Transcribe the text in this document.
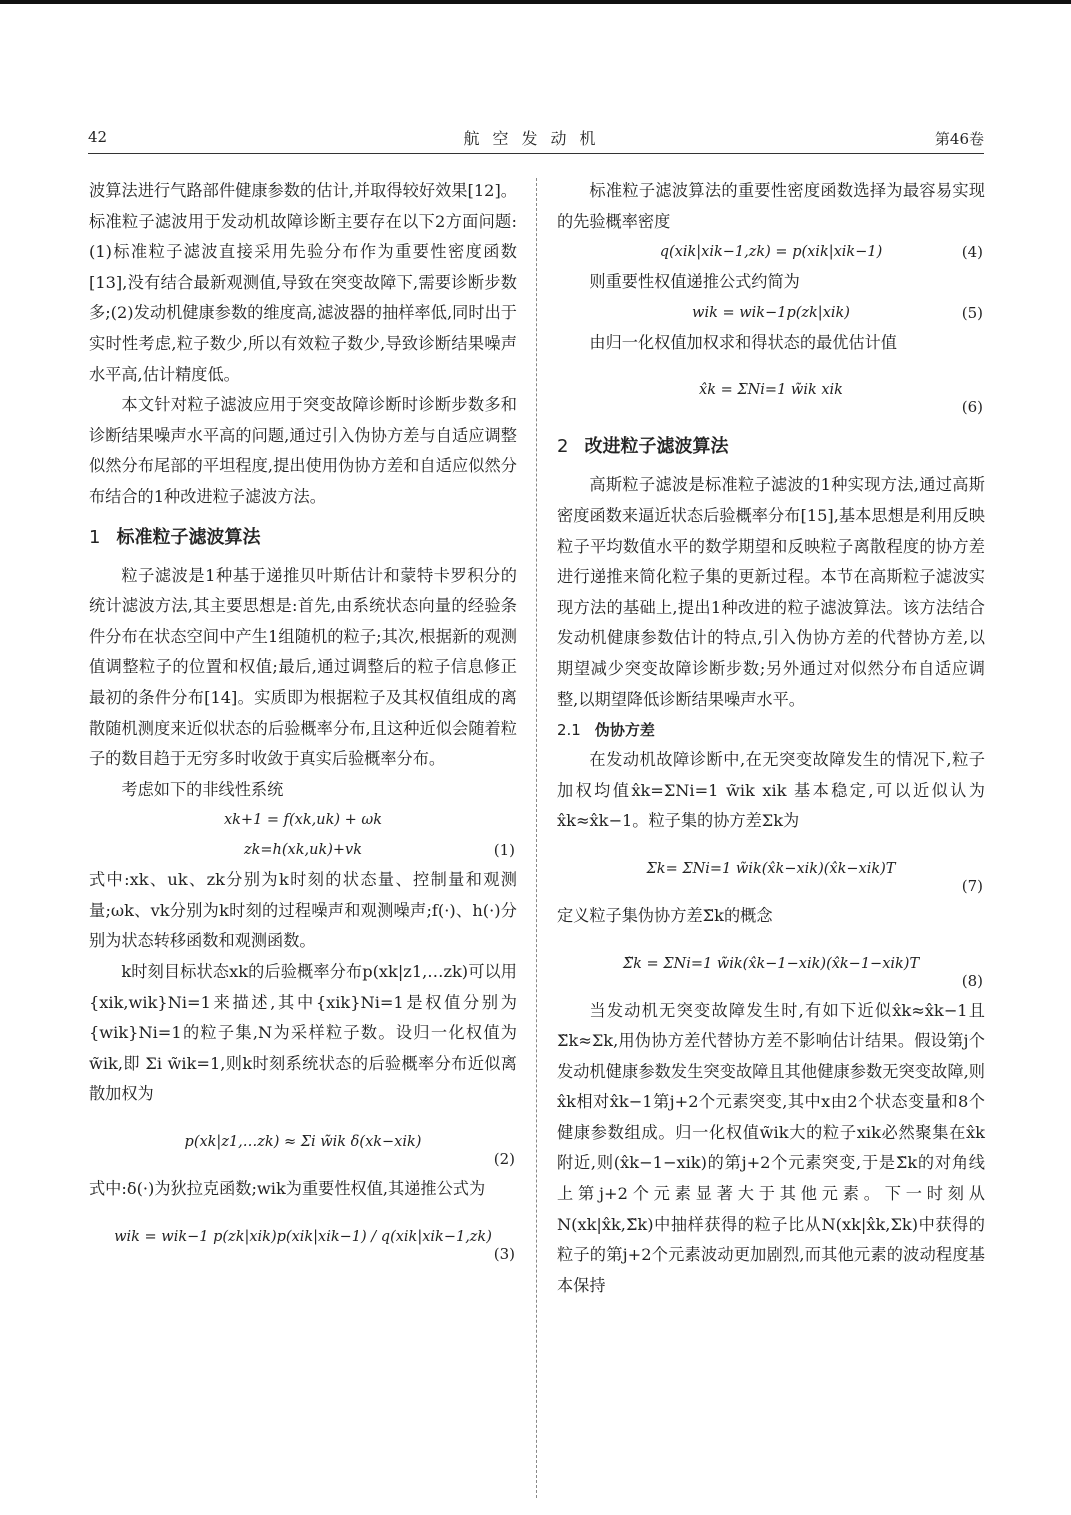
42	航空发动机	第46卷

波算法进行气路部件健康参数的估计,并取得较好效果[12]。标准粒子滤波用于发动机故障诊断主要存在以下2方面问题:(1)标准粒子滤波直接采用先验分布作为重要性密度函数[13],没有结合最新观测值,导致在突变故障下,需要诊断步数多;(2)发动机健康参数的维度高,滤波器的抽样率低,同时出于实时性考虑,粒子数少,所以有效粒子数少,导致诊断结果噪声水平高,估计精度低。

本文针对粒子滤波应用于突变故障诊断时诊断步数多和诊断结果噪声水平高的问题,通过引入伪协方差与自适应调整似然分布尾部的平坦程度,提出使用伪协方差和自适应似然分布结合的1种改进粒子滤波方法。

1 标准粒子滤波算法

粒子滤波是1种基于递推贝叶斯估计和蒙特卡罗积分的统计滤波方法,其主要思想是:首先,由系统状态向量的经验条件分布在状态空间中产生1组随机的粒子;其次,根据新的观测值调整粒子的位置和权值;最后,通过调整后的粒子信息修正最初的条件分布[14]。实质即为根据粒子及其权值组成的离散随机测度来近似状态的后验概率分布,且这种近似会随着粒子的数目趋于无穷多时收敛于真实后验概率分布。

考虑如下的非线性系统

xk+1 = f(xk,uk) + ωk
zk=h(xk,uk)+vk	(1)

式中:xk、uk、zk分别为k时刻的状态量、控制量和观测量;ωk、vk分别为k时刻的过程噪声和观测噪声;f(·)、h(·)分别为状态转移函数和观测函数。

k时刻目标状态xk的后验概率分布p(xk|z1,…zk)可以用{xik,wik}Ni=1来描述,其中{xik}Ni=1是权值分别为{wik}Ni=1的粒子集,N为采样粒子数。设归一化权值为w̃ik,即 Σi w̃ik=1,则k时刻系统状态的后验概率分布近似离散加权为

p(xk|z1,…zk) ≈ Σi w̃ik δ(xk−xik)
(2)

式中:δ(·)为狄拉克函数;wik为重要性权值,其递推公式为

wik = wik−1 p(zk|xik)p(xik|xik−1) / q(xik|xik−1,zk)
(3)

标准粒子滤波算法的重要性密度函数选择为最容易实现的先验概率密度

q(xik|xik−1,zk) = p(xik|xik−1)	(4)

则重要性权值递推公式约简为

wik = wik−1p(zk|xik)	(5)

由归一化权值加权求和得状态的最优估计值

x̂k = ΣNi=1 w̃ik xik
(6)
2 改进粒子滤波算法

高斯粒子滤波是标准粒子滤波的1种实现方法,通过高斯密度函数来逼近状态后验概率分布[15],基本思想是利用反映粒子平均数值水平的数学期望和反映粒子离散程度的协方差进行递推来简化粒子集的更新过程。本节在高斯粒子滤波实现方法的基础上,提出1种改进的粒子滤波算法。该方法结合发动机健康参数估计的特点,引入伪协方差的代替协方差,以期望减少突变故障诊断步数;另外通过对似然分布自适应调整,以期望降低诊断结果噪声水平。

2.1 伪协方差

在发动机故障诊断中,在无突变故障发生的情况下,粒子加权均值x̂k=ΣNi=1 w̃ik xik 基本稳定,可以近似认为x̂k≈x̂k−1。粒子集的协方差Σk为

Σk= ΣNi=1 w̃ik(x̂k−xik)(x̂k−xik)T
(7)

定义粒子集伪协方差Σ̃k的概念

Σ̃k = ΣNi=1 w̃ik(x̂k−1−xik)(x̂k−1−xik)T
(8)

当发动机无突变故障发生时,有如下近似x̂k≈x̂k−1且Σ̃k≈Σk,用伪协方差代替协方差不影响估计结果。假设第j个发动机健康参数发生突变故障且其他健康参数无突变故障,则x̂k相对x̂k−1第j+2个元素突变,其中x由2个状态变量和8个健康参数组成。归一化权值w̃ik大的粒子xik必然聚集在x̂k附近,则(x̂k−1−xik)的第j+2个元素突变,于是Σ̃k的对角线上第j+2个元素显著大于其他元素。下一时刻从N(xk|x̂k,Σ̃k)中抽样获得的粒子比从N(xk|x̂k,Σk)中获得的粒子的第j+2个元素波动更加剧烈,而其他元素的波动程度基本保持
